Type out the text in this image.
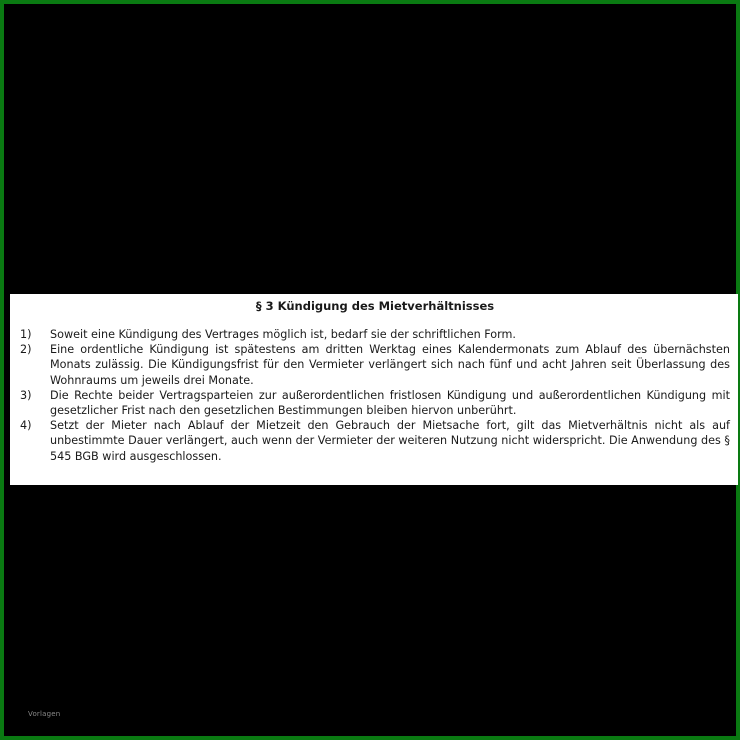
§ 3 Kündigung des Mietverhältnisses
1)	Soweit eine Kündigung des Vertrages möglich ist, bedarf sie der schriftlichen Form.
2)	Eine ordentliche Kündigung ist spätestens am dritten Werktag eines Kalendermonats zum Ablauf des übernächsten Monats zulässig. Die Kündigungsfrist für den Vermieter verlängert sich nach fünf und acht Jahren seit Überlassung des Wohnraums um jeweils drei Monate.
3)	Die Rechte beider Vertragsparteien zur außerordentlichen fristlosen Kündigung und außerordentlichen Kündigung mit gesetzlicher Frist nach den gesetzlichen Bestimmungen bleiben hiervon unberührt.
4)	Setzt der Mieter nach Ablauf der Mietzeit den Gebrauch der Mietsache fort, gilt das Mietverhältnis nicht als auf unbestimmte Dauer verlängert, auch wenn der Vermieter der weiteren Nutzung nicht widerspricht. Die Anwendung des § 545 BGB wird ausgeschlossen.
Vorlagen
